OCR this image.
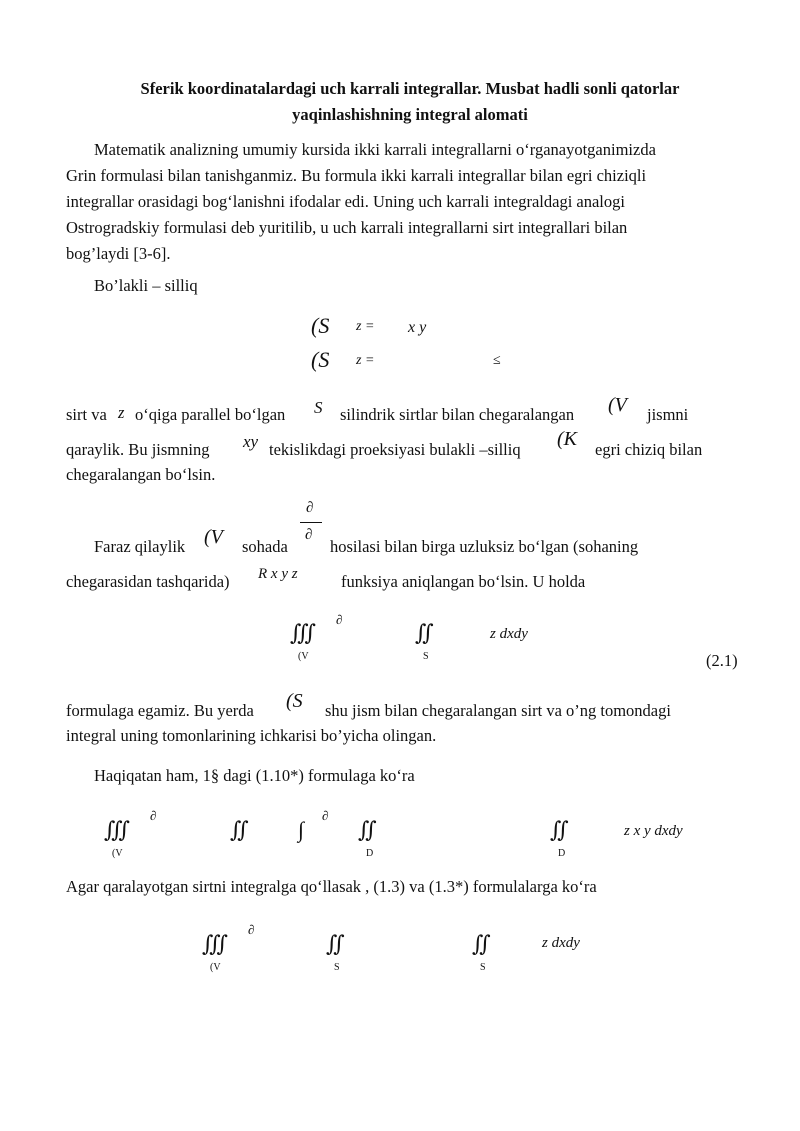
Sferik koordinatalardagi uch karrali integrallar. Musbat hadli sonli qatorlar
yaqinlashishning integral alomati
Matematik analizning umumiy kursida ikki karrali integrallarni o‘rganayotganimizda
Grin formulasi bilan tanishganmiz. Bu formula ikki karrali integrallar bilan egri chiziqli
integrallar orasidagi bog‘lanishni ifodalar edi. Uning uch karrali integraldagi analogi
Ostrogradskiy formulasi deb yuritilib, u uch karrali integrallarni sirt integrallari bilan
bog’laydi [3-6].
Bo’lakli – silliq
(S z = x y
(S z =	≤
sirt va z o‘qiga parallel bo‘lgan S silindrik sirtlar bilan chegaralangan (V jismni
qaraylik. Bu jismning xy tekislikdagi proeksiyasi bulakli –silliq (K egri chiziq bilan
chegaralangan bo‘lsin.
∂
∂
Faraz qilaylik (V sohada	hosilasi bilan birga uzluksiz bo‘lgan (sohaning
chegarasidan tashqarida) R x y z	funksiya aniqlangan bo‘lsin. U holda
∭
∂
(V
∬
S
z dxdy
(2.1)
formulaga egamiz. Bu yerda (S shu jism bilan chegaralangan sirt va o’ng tomondagi
integral uning tomonlarining ichkarisi bo’yicha olingan.
Haqiqatan ham, 1§ dagi (1.10*) formulaga ko‘ra
∭
∂
(V
∬	∫
∂
∬
D
∬
D
z x y dxdy
Agar qaralayotgan sirtni integralga qo‘llasak , (1.3) va (1.3*) formulalarga ko‘ra
∭
∂
(V
∬
S
∬
S
z dxdy
